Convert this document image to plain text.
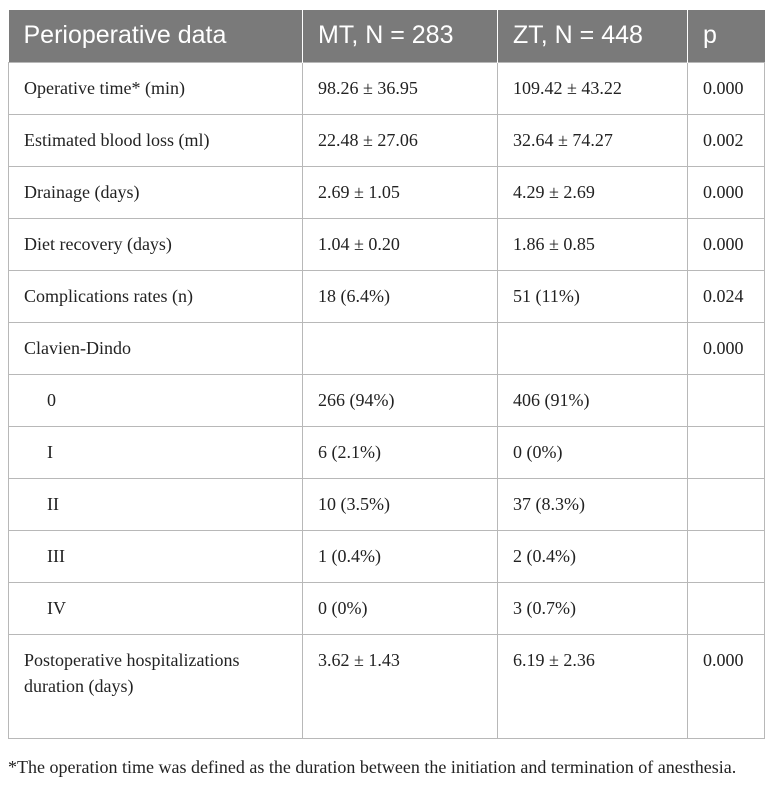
Perioperative data	MT, N = 283	ZT, N = 448	p
Operative time* (min)	98.26 ± 36.95	109.42 ± 43.22	0.000
Estimated blood loss (ml)	22.48 ± 27.06	32.64 ± 74.27	0.002
Drainage (days)	2.69 ± 1.05	4.29 ± 2.69	0.000
Diet recovery (days)	1.04 ± 0.20	1.86 ± 0.85	0.000
Complications rates (n)	18 (6.4%)	51 (11%)	0.024
Clavien-Dindo			0.000
0	266 (94%)	406 (91%)	
I	6 (2.1%)	0 (0%)	
II	10 (3.5%)	37 (8.3%)	
III	1 (0.4%)	2 (0.4%)	
IV	0 (0%)	3 (0.7%)	
Postoperative hospitalizations duration (days)	3.62 ± 1.43	6.19 ± 2.36	0.000
*The operation time was defined as the duration between the initiation and termination of anesthesia.
